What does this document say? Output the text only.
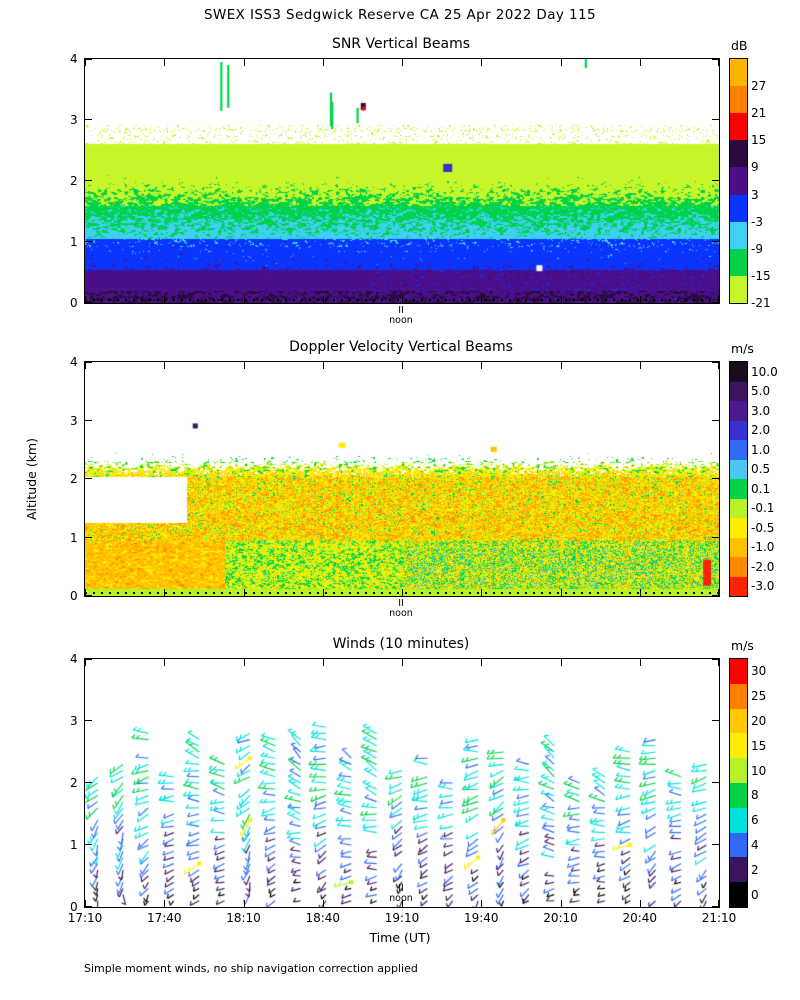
SWEX ISS3 Sedgwick Reserve CA 25 Apr 2022 Day 115
SNR Vertical Beams
0
1
2
3
4
Doppler Velocity Vertical Beams
0
1
2
3
4
Winds (10 minutes)
0
1
2
3
4
17:10	17:40	18:10	18:40	19:10	19:40	20:10	20:40	21:10
Altitude (km)
Time (UT)
Simple moment winds, no ship navigation correction applied
II
noon
27
21
15
9
3
-3
-9
-15
-21
dB
II
noon
10.0
5.0
3.0
2.0
1.0
0.5
0.1
-0.1
-0.5
-1.0
-2.0
-3.0
m/s
II
noon
30
25
20
15
10
8
6
4
2
0
m/s
